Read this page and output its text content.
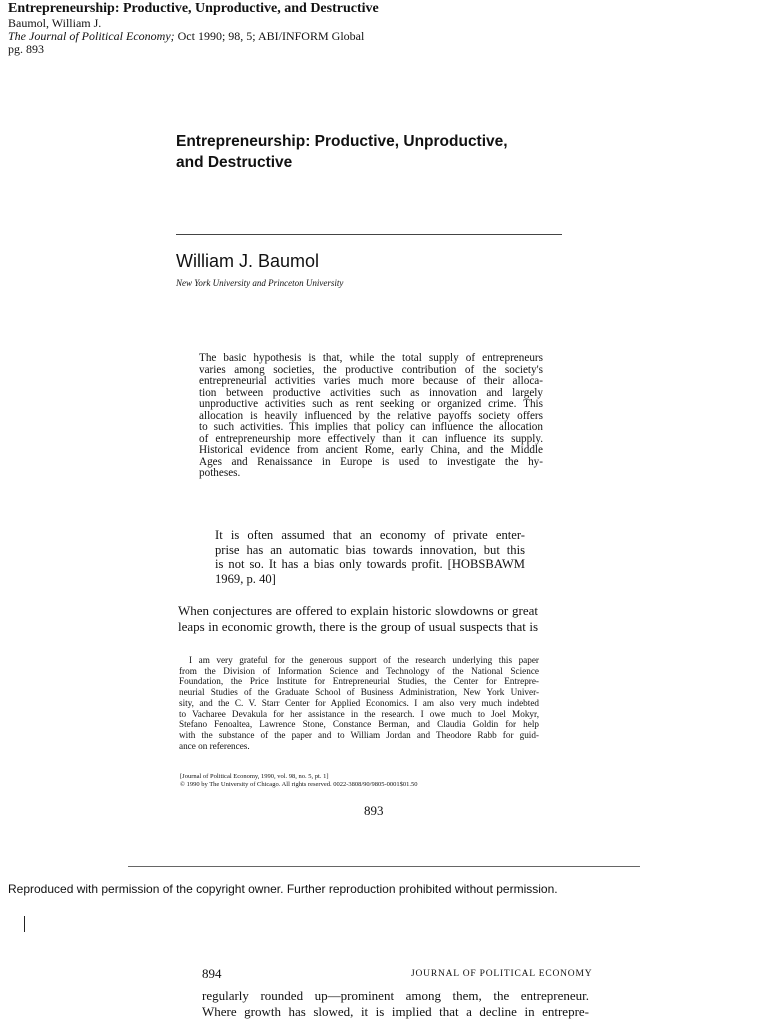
Entrepreneurship: Productive, Unproductive, and Destructive
Baumol, William J.
The Journal of Political Economy; Oct 1990; 98, 5; ABI/INFORM Global
pg. 893
Entrepreneurship: Productive, Unproductive,
and Destructive
William J. Baumol
New York University and Princeton University
The basic hypothesis is that, while the total supply of entrepreneurs
varies among societies, the productive contribution of the society's
entrepreneurial activities varies much more because of their alloca-
tion between productive activities such as innovation and largely
unproductive activities such as rent seeking or organized crime. This
allocation is heavily influenced by the relative payoffs society offers
to such activities. This implies that policy can influence the allocation
of entrepreneurship more effectively than it can influence its supply.
Historical evidence from ancient Rome, early China, and the Middle
Ages and Renaissance in Europe is used to investigate the hy-
potheses.
It is often assumed that an economy of private enter-
prise has an automatic bias towards innovation, but this
is not so. It has a bias only towards profit. [HOBSBAWM
1969, p. 40]
When conjectures are offered to explain historic slowdowns or great
leaps in economic growth, there is the group of usual suspects that is
I am very grateful for the generous support of the research underlying this paper
from the Division of Information Science and Technology of the National Science
Foundation, the Price Institute for Entrepreneurial Studies, the Center for Entrepre-
neurial Studies of the Graduate School of Business Administration, New York Univer-
sity, and the C. V. Starr Center for Applied Economics. I am also very much indebted
to Vacharee Devakula for her assistance in the research. I owe much to Joel Mokyr,
Stefano Fenoaltea, Lawrence Stone, Constance Berman, and Claudia Goldin for help
with the substance of the paper and to William Jordan and Theodore Rabb for guid-
ance on references.
[Journal of Political Economy, 1990, vol. 98, no. 5, pt. 1]
© 1990 by The University of Chicago. All rights reserved. 0022-3808/90/9805-0001$01.50
893
Reproduced with permission of the copyright owner. Further reproduction prohibited without permission.
894	JOURNAL OF POLITICAL ECONOMY
regularly rounded up—prominent among them, the entrepreneur.
Where growth has slowed, it is implied that a decline in entrepre-
